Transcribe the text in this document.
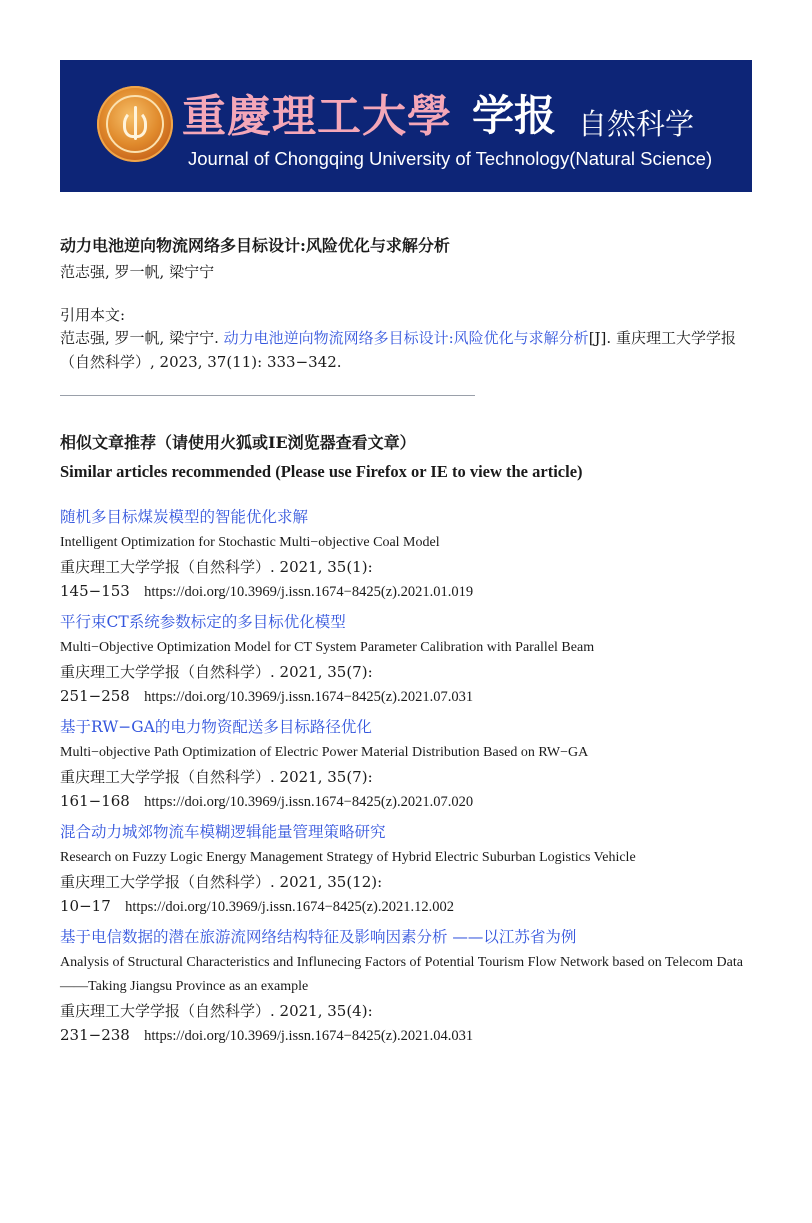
重慶理工大學 学报 自然科学
Journal of Chongqing University of Technology(Natural Science)
动力电池逆向物流网络多目标设计:风险优化与求解分析
范志强, 罗一帆, 梁宁宁
引用本文:
范志强, 罗一帆, 梁宁宁. 动力电池逆向物流网络多目标设计:风险优化与求解分析[J]. 重庆理工大学学报（自然科学）, 2023, 37(11): 333−342.
相似文章推荐（请使用火狐或IE浏览器查看文章）
Similar articles recommended (Please use Firefox or IE to view the article)
随机多目标煤炭模型的智能优化求解
Intelligent Optimization for Stochastic Multi−objective Coal Model
重庆理工大学学报（自然科学）. 2021, 35(1): 145−153 https://doi.org/10.3969/j.issn.1674−8425(z).2021.01.019
平行束CT系统参数标定的多目标优化模型
Multi−Objective Optimization Model for CT System Parameter Calibration with Parallel Beam
重庆理工大学学报（自然科学）. 2021, 35(7): 251−258 https://doi.org/10.3969/j.issn.1674−8425(z).2021.07.031
基于RW−GA的电力物资配送多目标路径优化
Multi−objective Path Optimization of Electric Power Material Distribution Based on RW−GA
重庆理工大学学报（自然科学）. 2021, 35(7): 161−168 https://doi.org/10.3969/j.issn.1674−8425(z).2021.07.020
混合动力城郊物流车模糊逻辑能量管理策略研究
Research on Fuzzy Logic Energy Management Strategy of Hybrid Electric Suburban Logistics Vehicle
重庆理工大学学报（自然科学）. 2021, 35(12): 10−17 https://doi.org/10.3969/j.issn.1674−8425(z).2021.12.002
基于电信数据的潜在旅游流网络结构特征及影响因素分析 ——以江苏省为例
Analysis of Structural Characteristics and Influnecing Factors of Potential Tourism Flow Network based on Telecom Data ——Taking Jiangsu Province as an example
重庆理工大学学报（自然科学）. 2021, 35(4): 231−238 https://doi.org/10.3969/j.issn.1674−8425(z).2021.04.031
